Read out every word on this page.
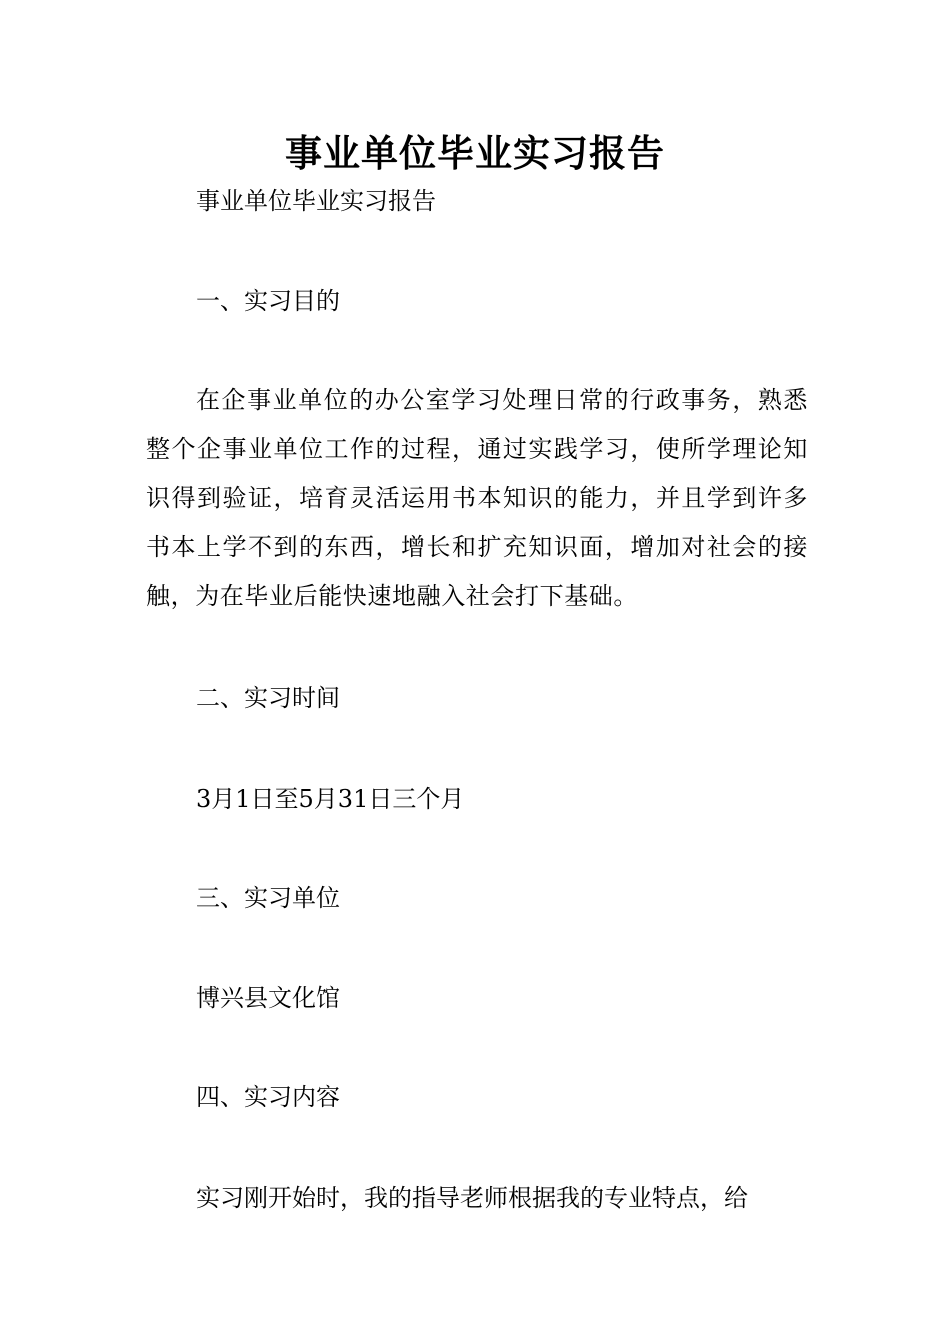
事业单位毕业实习报告
事业单位毕业实习报告
一、实习目的
在企事业单位的办公室学习处理日常的行政事务，熟悉整个企事业单位工作的过程，通过实践学习，使所学理论知识得到验证，培育灵活运用书本知识的能力，并且学到许多书本上学不到的东西，增长和扩充知识面，增加对社会的接触，为在毕业后能快速地融入社会打下基础。
二、实习时间
3月1日至5月31日三个月
三、实习单位
博兴县文化馆
四、实习内容
实习刚开始时，我的指导老师根据我的专业特点，给
